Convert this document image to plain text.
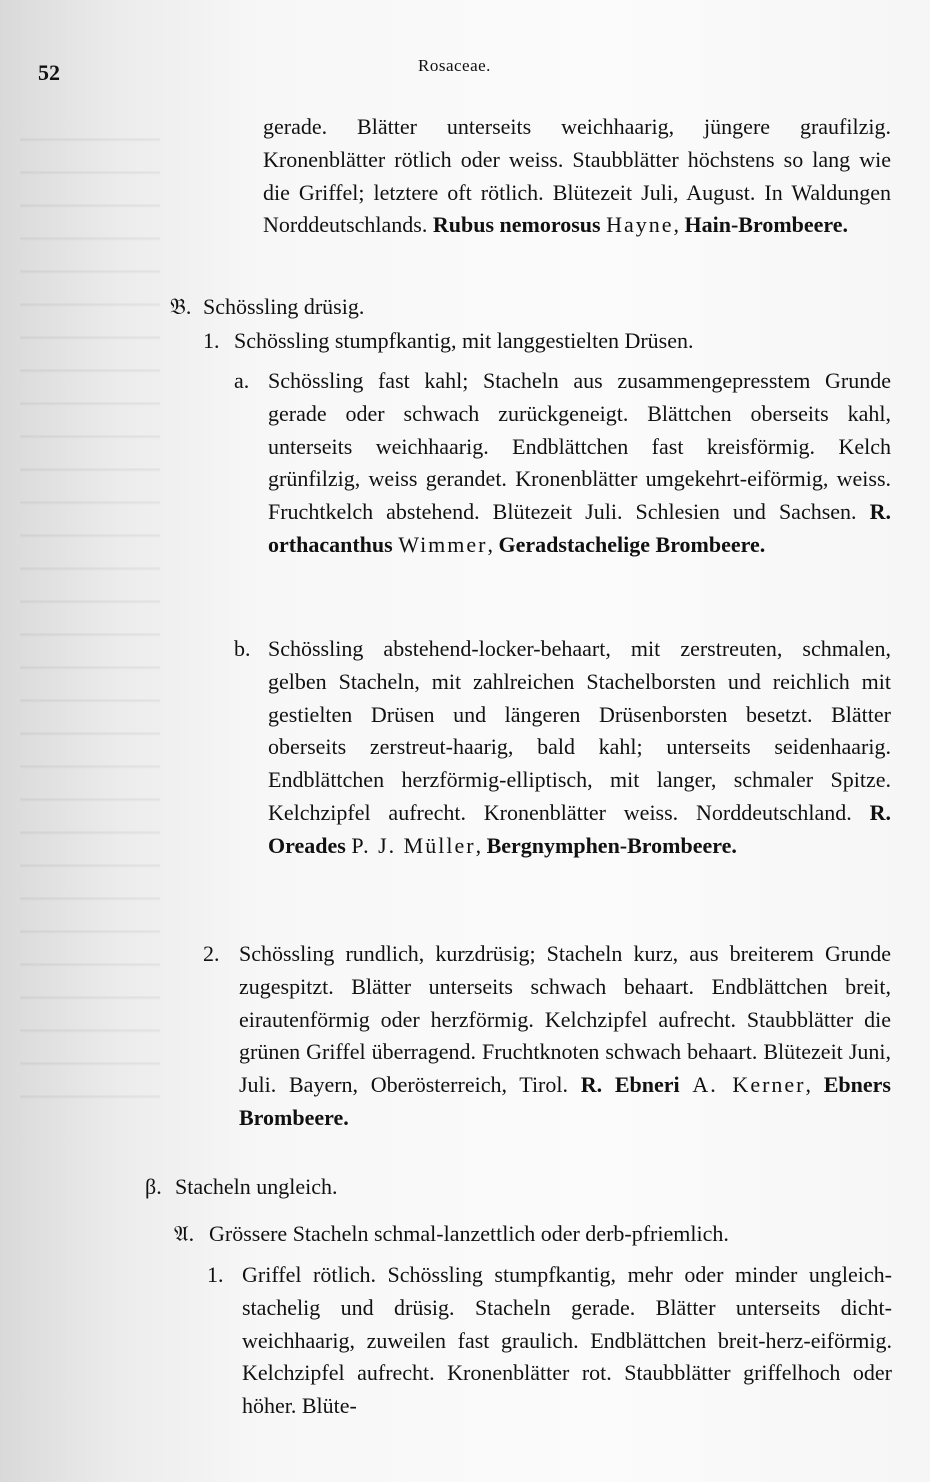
52	Rosaceae.
gerade. Blätter unterseits weichhaarig, jüngere graufilzig. Kronenblätter rötlich oder weiss. Staubblätter höchstens so lang wie die Griffel; letztere oft rötlich. Blütezeit Juli, August. In Waldungen Norddeutschlands. Rubus nemorosus Hayne, Hain-Brombeere.
𝔅. Schössling drüsig.
1. Schössling stumpfkantig, mit langgestielten Drüsen.
a. Schössling fast kahl; Stacheln aus zusammengepresstem Grunde gerade oder schwach zurückgeneigt. Blättchen oberseits kahl, unterseits weichhaarig. Endblättchen fast kreisförmig. Kelch grünfilzig, weiss gerandet. Kronenblätter umgekehrt-eiförmig, weiss. Fruchtkelch abstehend. Blütezeit Juli. Schlesien und Sachsen. R. orthacanthus Wimmer, Geradstachelige Brombeere.
b. Schössling abstehend-locker-behaart, mit zerstreuten, schmalen, gelben Stacheln, mit zahlreichen Stachelborsten und reichlich mit gestielten Drüsen und längeren Drüsenborsten besetzt. Blätter oberseits zerstreut-haarig, bald kahl; unterseits seidenhaarig. Endblättchen herzförmig-elliptisch, mit langer, schmaler Spitze. Kelchzipfel aufrecht. Kronenblätter weiss. Norddeutschland. R. Oreades P. J. Müller, Bergnymphen-Brombeere.
2. Schössling rundlich, kurzdrüsig; Stacheln kurz, aus breiterem Grunde zugespitzt. Blätter unterseits schwach behaart. Endblättchen breit, eirautenförmig oder herzförmig. Kelchzipfel aufrecht. Staubblätter die grünen Griffel überragend. Fruchtknoten schwach behaart. Blütezeit Juni, Juli. Bayern, Oberösterreich, Tirol. R. Ebneri A. Kerner, Ebners Brombeere.
β. Stacheln ungleich.
𝔄. Grössere Stacheln schmal-lanzettlich oder derb-pfriemlich.
1. Griffel rötlich. Schössling stumpfkantig, mehr oder minder ungleich-stachelig und drüsig. Stacheln gerade. Blätter unterseits dicht-weichhaarig, zuweilen fast graulich. Endblättchen breit-herz-eiförmig. Kelchzipfel aufrecht. Kronenblätter rot. Staubblätter griffelhoch oder höher. Blüte-
